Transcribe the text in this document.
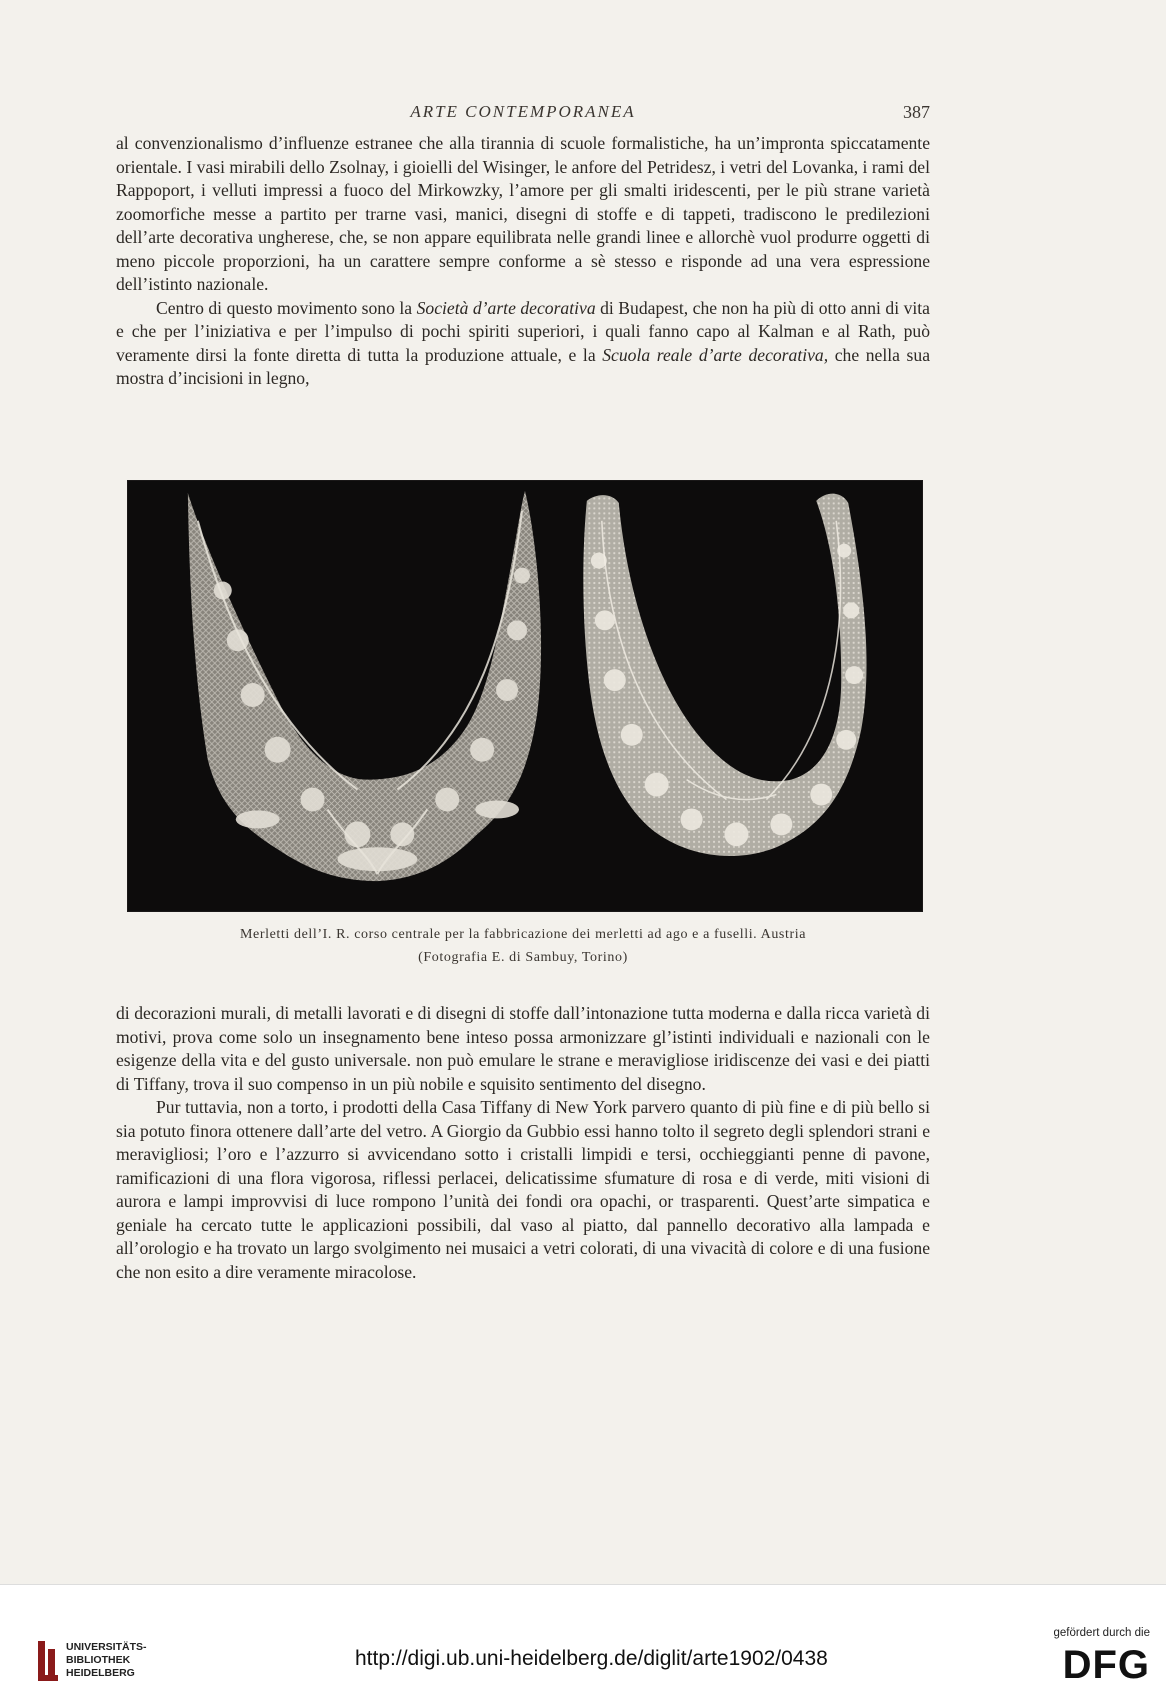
ARTE CONTEMPORANEA	387

al convenzionalismo d’influenze estranee che alla tirannia di scuole formalistiche, ha un’impronta spiccatamente orientale. I vasi mirabili dello Zsolnay, i gioielli del Wisinger, le anfore del Petridesz, i vetri del Lovanka, i rami del Rappoport, i velluti impressi a fuoco del Mirkowzky, l’amore per gli smalti iridescenti, per le più strane varietà zoomorfiche messe a partito per trarne vasi, manici, disegni di stoffe e di tappeti, tradiscono le predilezioni dell’arte decorativa ungherese, che, se non appare equilibrata nelle grandi linee e allorchè vuol produrre oggetti di meno piccole proporzioni, ha un carattere sempre conforme a sè stesso e risponde ad una vera espressione dell’istinto nazionale.

Centro di questo movimento sono la Società d’arte decorativa di Budapest, che non ha più di otto anni di vita e che per l’iniziativa e per l’impulso di pochi spiriti superiori, i quali fanno capo al Kalman e al Rath, può veramente dirsi la fonte diretta di tutta la produzione attuale, e la Scuola reale d’arte decorativa, che nella sua mostra d’incisioni in legno,

Merletti dell’I. R. corso centrale per la fabbricazione dei merletti ad ago e a fuselli. Austria
(Fotografia E. di Sambuy, Torino)

di decorazioni murali, di metalli lavorati e di disegni di stoffe dall’intonazione tutta moderna e dalla ricca varietà di motivi, prova come solo un insegnamento bene inteso possa armonizzare gl’istinti individuali e nazionali con le esigenze della vita e del gusto universale. non può emulare le strane e meravigliose iridiscenze dei vasi e dei piatti di Tiffany, trova il suo compenso in un più nobile e squisito sentimento del disegno.

Pur tuttavia, non a torto, i prodotti della Casa Tiffany di New York parvero quanto di più fine e di più bello si sia potuto finora ottenere dall’arte del vetro. A Giorgio da Gubbio essi hanno tolto il segreto degli splendori strani e meravigliosi; l’oro e l’azzurro si avvicendano sotto i cristalli limpidi e tersi, occhieggianti penne di pavone, ramificazioni di una flora vigorosa, riflessi perlacei, delicatissime sfumature di rosa e di verde, miti visioni di aurora e lampi improvvisi di luce rompono l’unità dei fondi ora opachi, or trasparenti. Quest’arte simpatica e geniale ha cercato tutte le applicazioni possibili, dal vaso al piatto, dal pannello decorativo alla lampada e all’orologio e ha trovato un largo svolgimento nei musaici a vetri colorati, di una vivacità di colore e di una fusione che non esito a dire veramente miracolose.

UNIVERSITÄTS-
BIBLIOTHEK
HEIDELBERG
http://digi.ub.uni-heidelberg.de/diglit/arte1902/0438
gefördert durch die
DFG
